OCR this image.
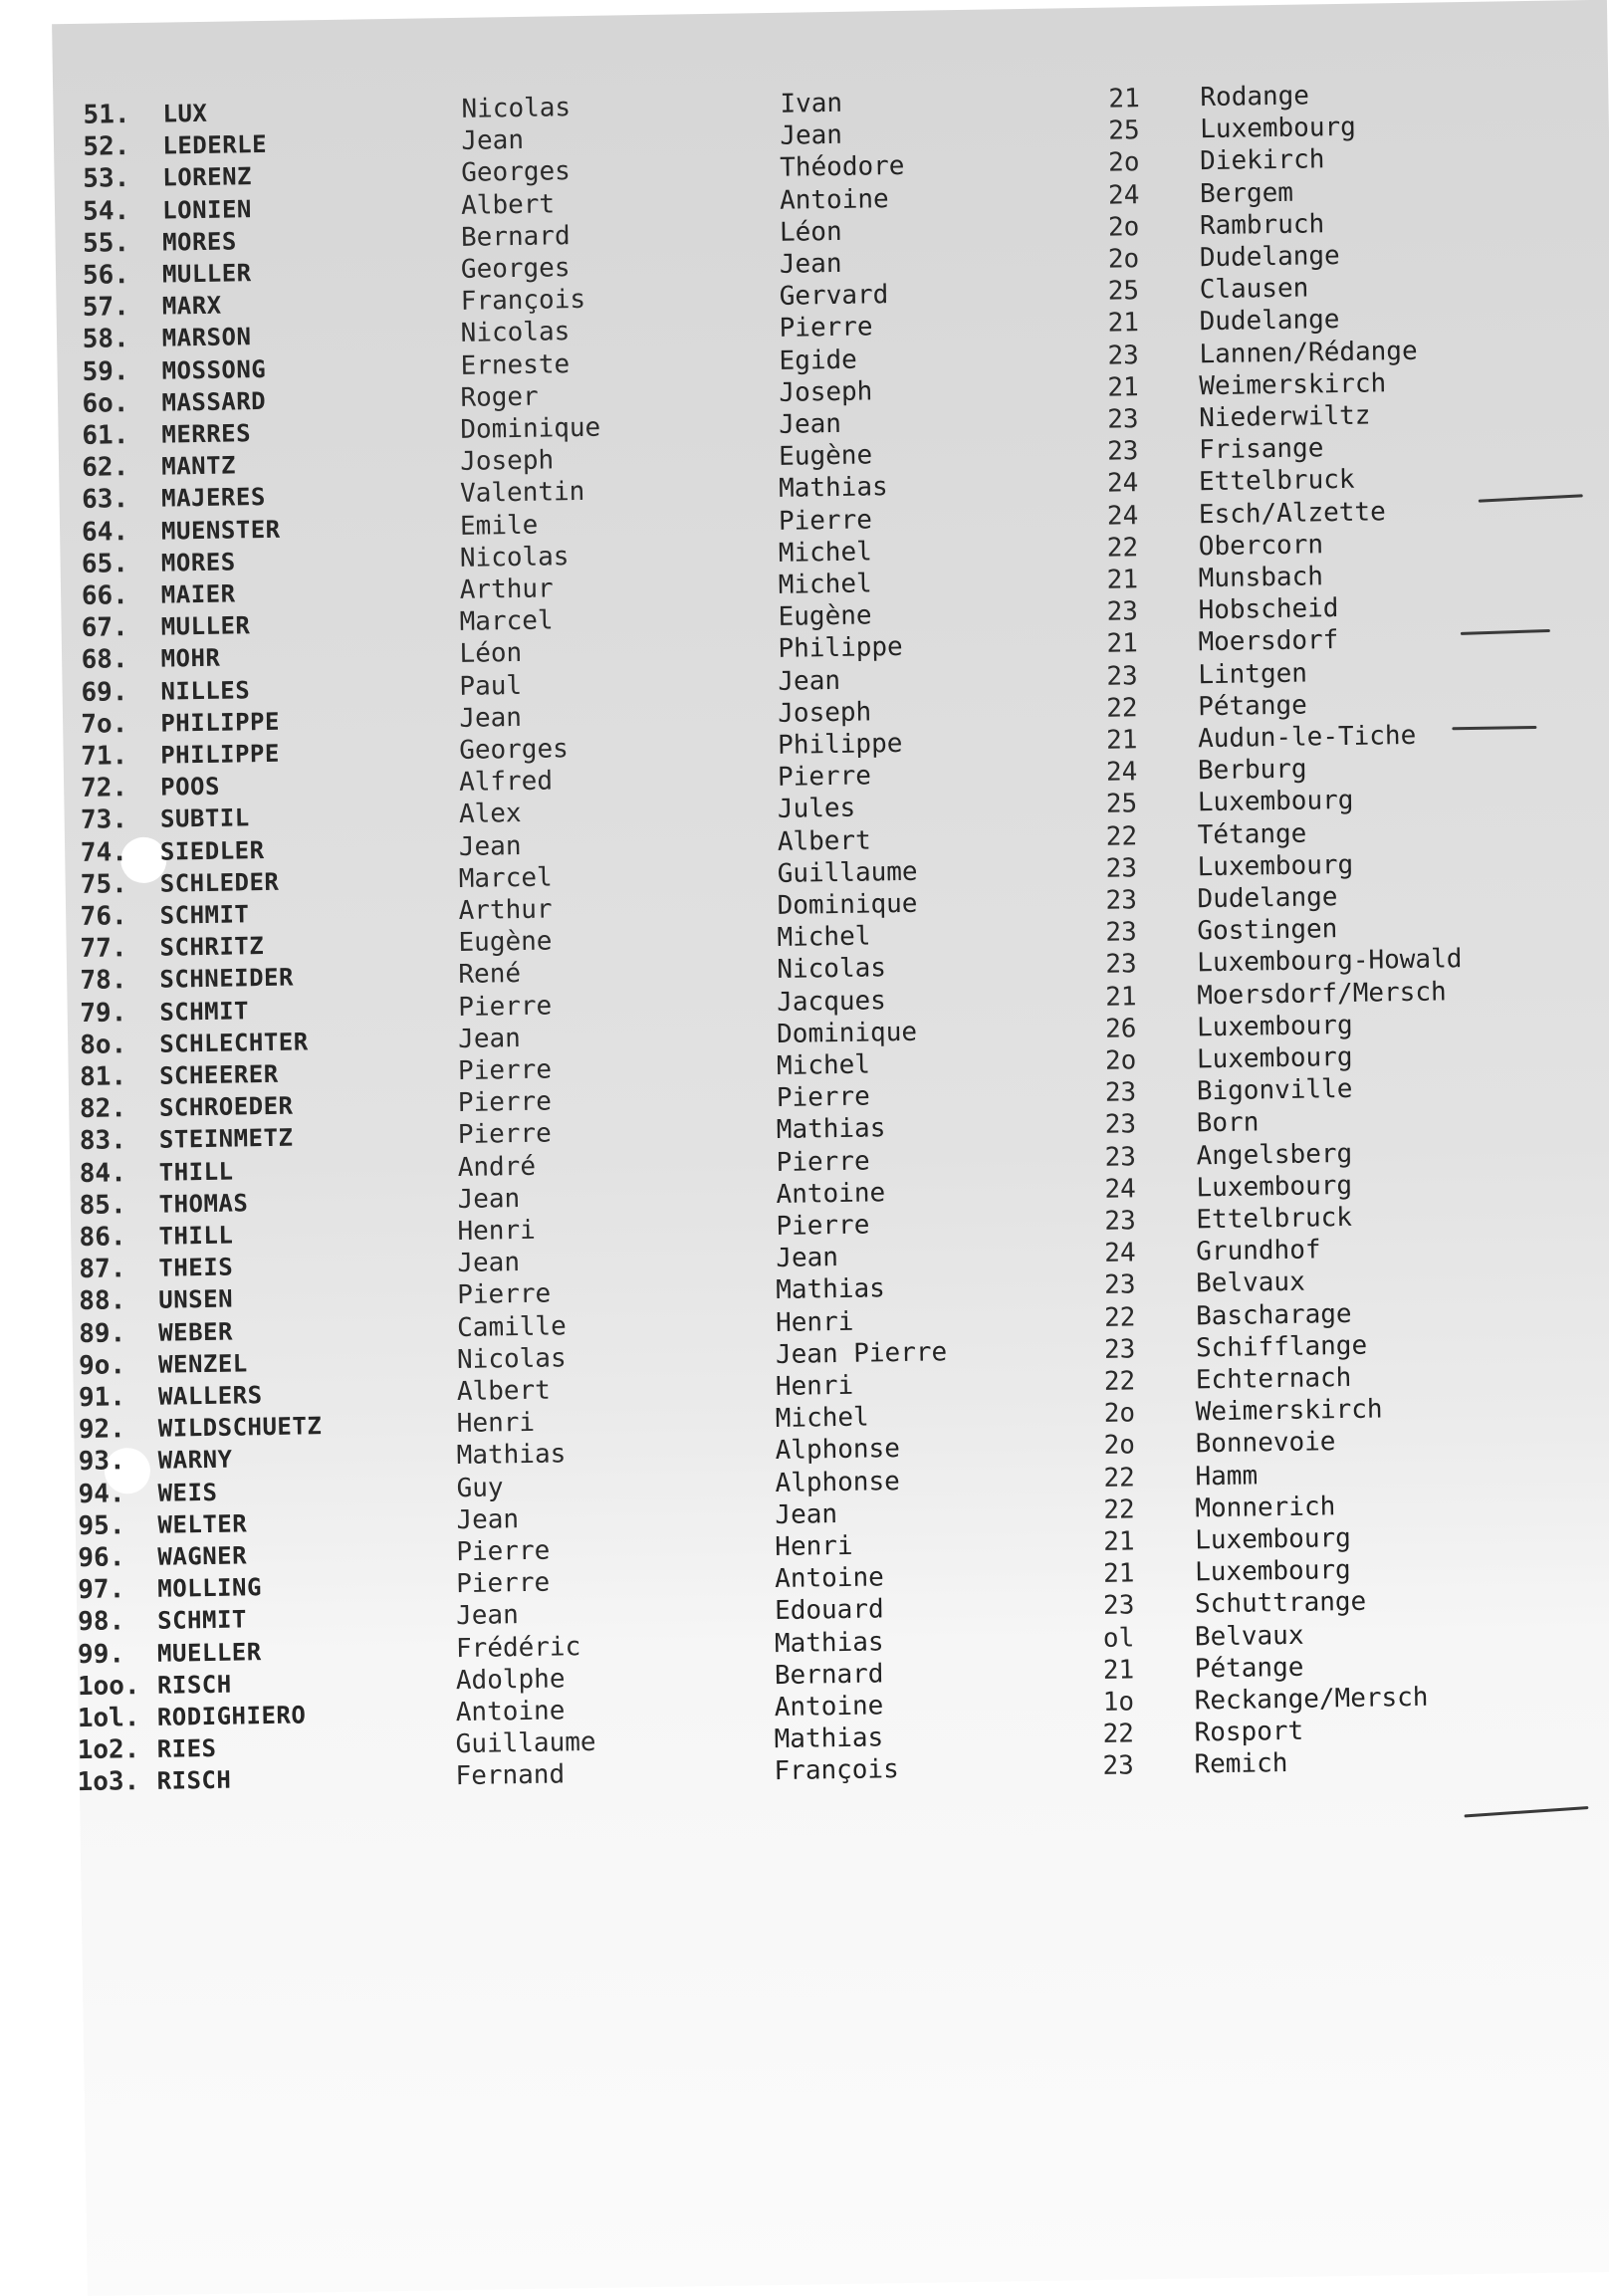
51. LUX	Nicolas	Ivan	21 Rodange
52. LEDERLE	Jean	Jean	25 Luxembourg
53. LORENZ	Georges	Théodore	2o Diekirch
54. LONIEN	Albert	Antoine	24 Bergem
55. MORES	Bernard	Léon	2o Rambruch
56. MULLER	Georges	Jean	2o Dudelange
57. MARX	François	Gervard	25 Clausen
58. MARSON	Nicolas	Pierre	21 Dudelange
59. MOSSONG	Erneste	Egide	23 Lannen/Rédange
6o. MASSARD	Roger	Joseph	21 Weimerskirch
61. MERRES	Dominique	Jean	23 Niederwiltz
62. MANTZ	Joseph	Eugène	23 Frisange
63. MAJERES	Valentin	Mathias	24 Ettelbruck
64. MUENSTER	Emile	Pierre	24 Esch/Alzette
65. MORES	Nicolas	Michel	22 Obercorn
66. MAIER	Arthur	Michel	21 Munsbach
67. MULLER	Marcel	Eugène	23 Hobscheid
68. MOHR	Léon	Philippe	21 Moersdorf
69. NILLES	Paul	Jean	23 Lintgen
7o. PHILIPPE	Jean	Joseph	22 Pétange
71. PHILIPPE	Georges	Philippe	21 Audun-le-Tiche
72. POOS	Alfred	Pierre	24 Berburg
73. SUBTIL	Alex	Jules	25 Luxembourg
74. SIEDLER	Jean	Albert	22 Tétange
75. SCHLEDER	Marcel	Guillaume	23 Luxembourg
76. SCHMIT	Arthur	Dominique	23 Dudelange
77. SCHRITZ	Eugène	Michel	23 Gostingen
78. SCHNEIDER	René	Nicolas	23 Luxembourg-Howald
79. SCHMIT	Pierre	Jacques	21 Moersdorf/Mersch
8o. SCHLECHTER	Jean	Dominique	26 Luxembourg
81. SCHEERER	Pierre	Michel	2o Luxembourg
82. SCHROEDER	Pierre	Pierre	23 Bigonville
83. STEINMETZ	Pierre	Mathias	23 Born
84. THILL	André	Pierre	23 Angelsberg
85. THOMAS	Jean	Antoine	24 Luxembourg
86. THILL	Henri	Pierre	23 Ettelbruck
87. THEIS	Jean	Jean	24 Grundhof
88. UNSEN	Pierre	Mathias	23 Belvaux
89. WEBER	Camille	Henri	22 Bascharage
9o. WENZEL	Nicolas	Jean Pierre	23 Schifflange
91. WALLERS	Albert	Henri	22 Echternach
92. WILDSCHUETZ	Henri	Michel	2o Weimerskirch
93. WARNY	Mathias	Alphonse	2o Bonnevoie
94. WEIS	Guy	Alphonse	22 Hamm
95. WELTER	Jean	Jean	22 Monnerich
96. WAGNER	Pierre	Henri	21 Luxembourg
97. MOLLING	Pierre	Antoine	21 Luxembourg
98. SCHMIT	Jean	Edouard	23 Schuttrange
99. MUELLER	Frédéric	Mathias	ol Belvaux
1oo. RISCH	Adolphe	Bernard	21 Pétange
1ol. RODIGHIERO	Antoine	Antoine	1o Reckange/Mersch
1o2. RIES	Guillaume	Mathias	22 Rosport
1o3. RISCH	Fernand	François	23 Remich
